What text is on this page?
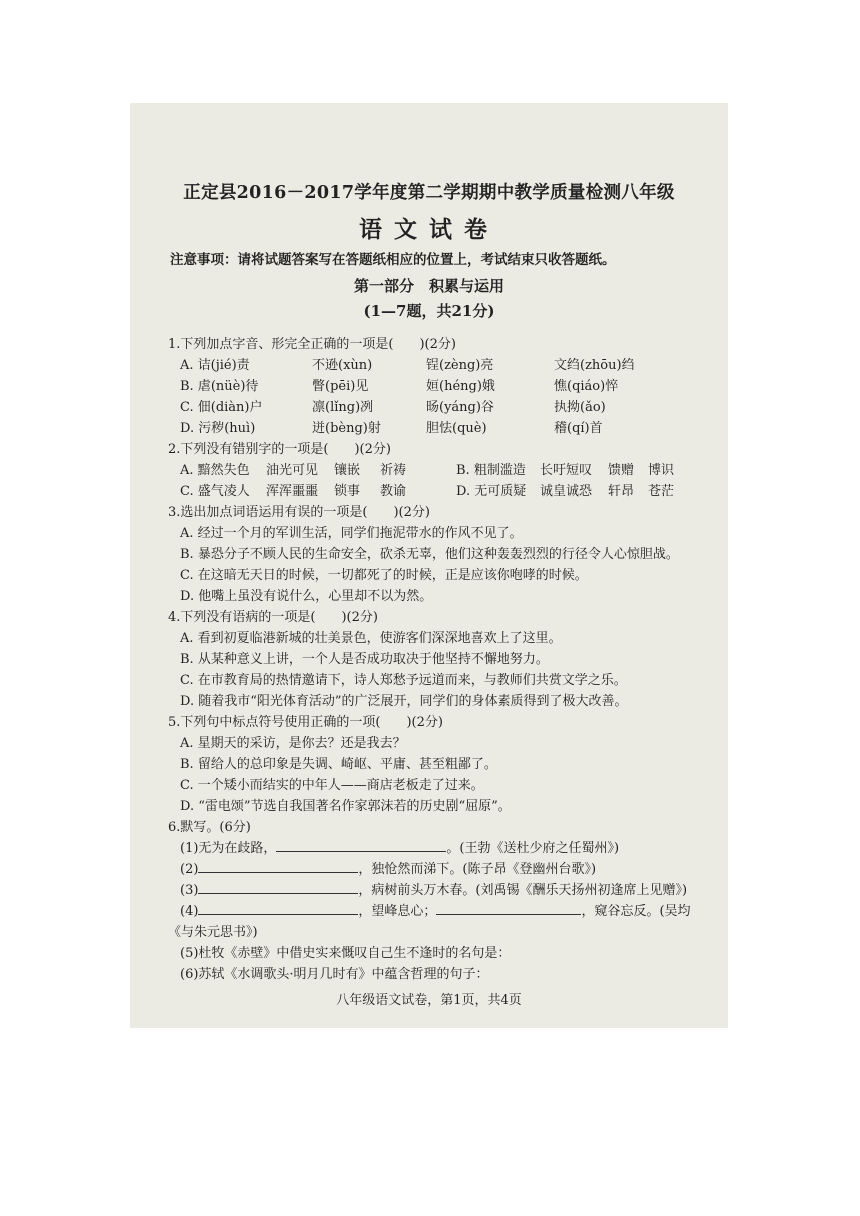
正定县2016－2017学年度第二学期期中教学质量检测八年级
语文试卷
注意事项：请将试题答案写在答题纸相应的位置上，考试结束只收答题纸。
第一部分　积累与运用
(1—7题，共21分)
1.下列加点字音、形完全正确的一项是(　　)(2分)
A. 诘(jié)责	不逊(xùn)	锃(zèng)亮	文绉(zhōu)绉
B. 虐(nüè)待	瞥(pēi)见	姮(héng)娥	憔(qiáo)悴
C. 佃(diàn)户	凛(lǐng)冽	旸(yáng)谷	执拗(ǎo)
D. 污秽(huì)	迸(bèng)射	胆怯(què)	稽(qí)首
2.下列没有错别字的一项是(　　)(2分)
A. 黯然失色 油光可见 镶嵌 祈祷	B. 粗制滥造 长吁短叹 馈赠 博识
C. 盛气凌人 浑浑噩噩 锁事 教谕	D. 无可质疑 诚皇诚恐 轩昂 苍茫
3.选出加点词语运用有误的一项是(　　)(2分)
A. 经过一个月的军训生活，同学们拖泥带水的作风不见了。
B. 暴恐分子不顾人民的生命安全，砍杀无辜，他们这种轰轰烈烈的行径令人心惊胆战。
C. 在这暗无天日的时候，一切都死了的时候，正是应该你咆哮的时候。
D. 他嘴上虽没有说什么，心里却不以为然。
4.下列没有语病的一项是(　　)(2分)
A. 看到初夏临港新城的壮美景色，使游客们深深地喜欢上了这里。
B. 从某种意义上讲，一个人是否成功取决于他坚持不懈地努力。
C. 在市教育局的热情邀请下，诗人郑愁予远道而来，与教师们共赏文学之乐。
D. 随着我市“阳光体育活动”的广泛展开，同学们的身体素质得到了极大改善。
5.下列句中标点符号使用正确的一项(　　)(2分)
A. 星期天的采访，是你去？还是我去？
B. 留给人的总印象是失调、崎岖、平庸、甚至粗鄙了。
C. 一个矮小而结实的中年人——商店老板走了过来。
D. “雷电颂”节选自我国著名作家郭沫若的历史剧“屈原”。
6.默写。(6分)
(1)无为在歧路，	。(王勃《送杜少府之任蜀州》)
(2)	，独怆然而涕下。(陈子昂《登幽州台歌》)
(3)	，病树前头万木春。(刘禹锡《酬乐天扬州初逢席上见赠》)
(4)	，望峰息心；	，窥谷忘反。(吴均
《与朱元思书》)
(5)杜牧《赤壁》中借史实来慨叹自己生不逢时的名句是：
(6)苏轼《水调歌头·明月几时有》中蕴含哲理的句子：
八年级语文试卷，第1页，共4页
